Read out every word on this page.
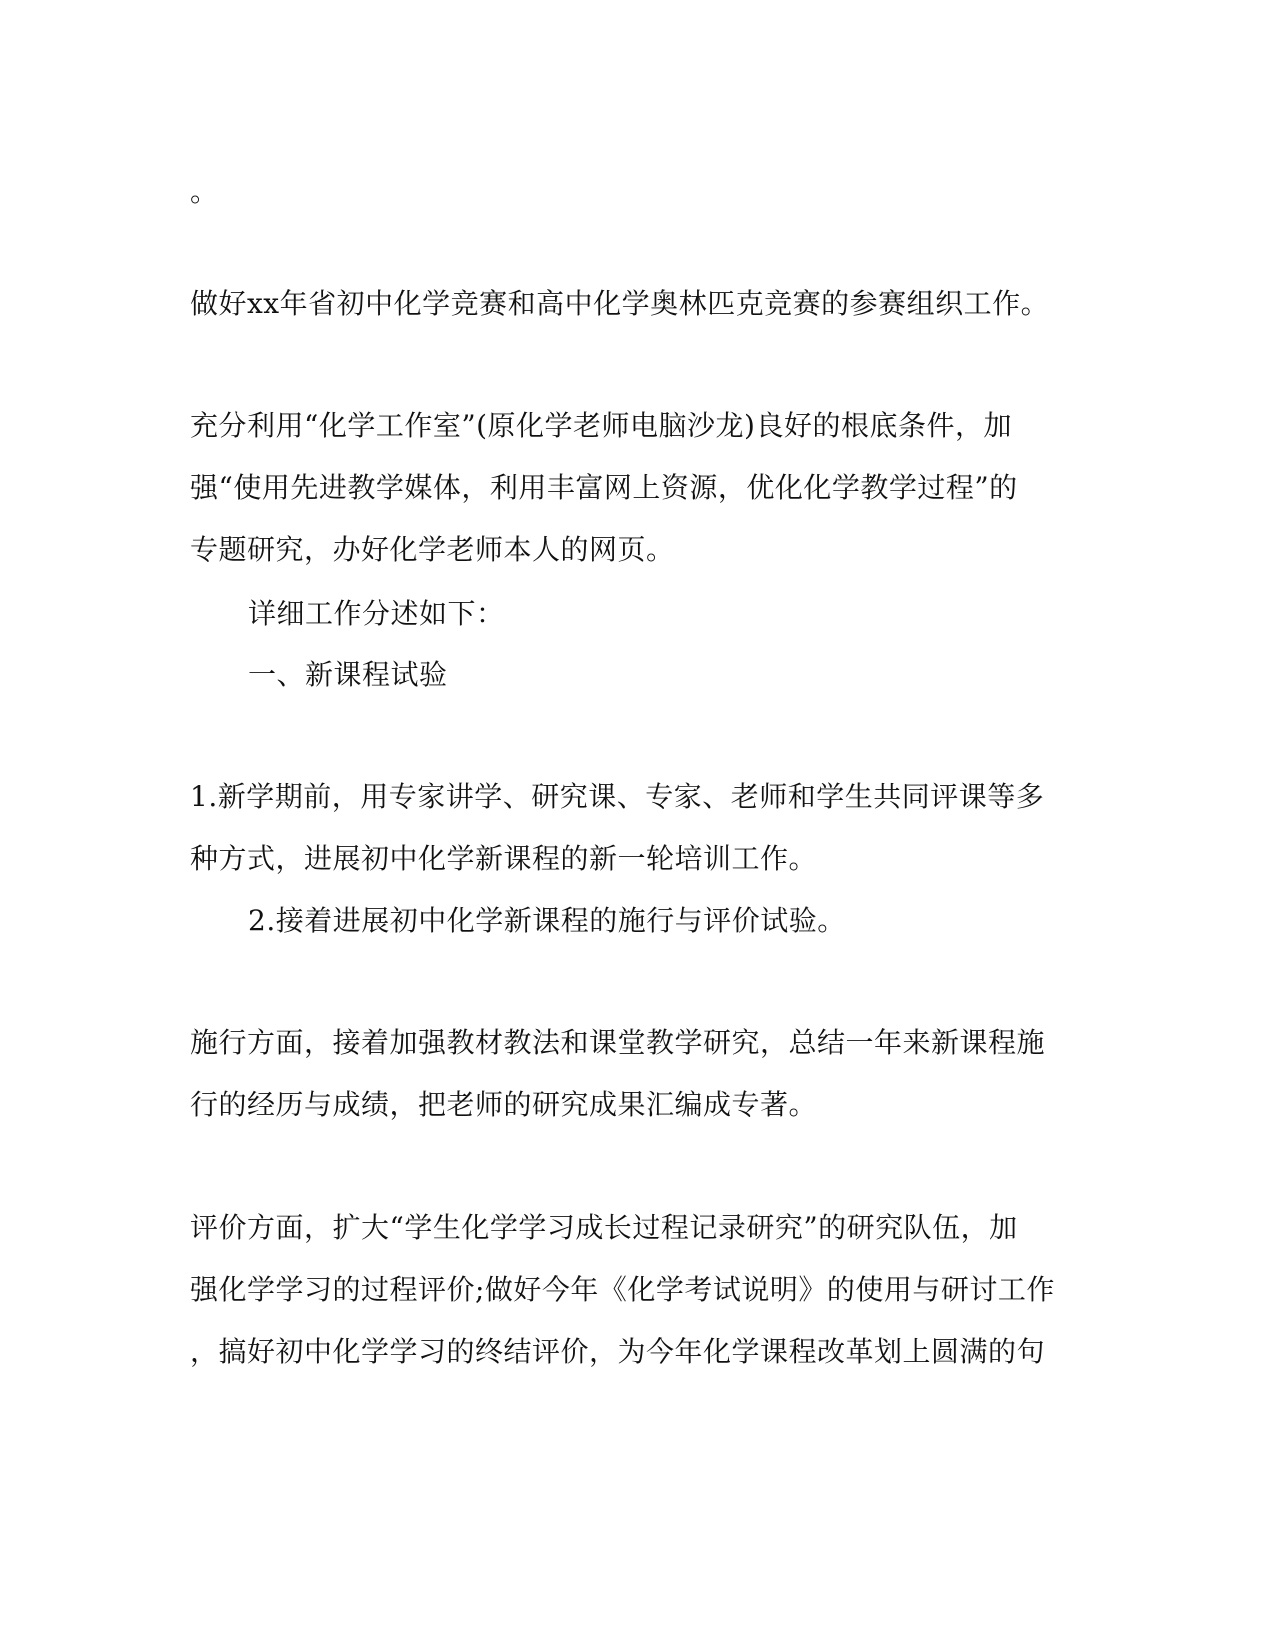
。
做好xx年省初中化学竞赛和高中化学奥林匹克竞赛的参赛组织工作。
充分利用“化学工作室”(原化学老师电脑沙龙)良好的根底条件，加
强“使用先进教学媒体，利用丰富网上资源，优化化学教学过程”的
专题研究，办好化学老师本人的网页。
详细工作分述如下：
一、新课程试验
1.新学期前，用专家讲学、研究课、专家、老师和学生共同评课等多
种方式，进展初中化学新课程的新一轮培训工作。
2.接着进展初中化学新课程的施行与评价试验。
施行方面，接着加强教材教法和课堂教学研究，总结一年来新课程施
行的经历与成绩，把老师的研究成果汇编成专著。
评价方面，扩大“学生化学学习成长过程记录研究”的研究队伍，加
强化学学习的过程评价;做好今年《化学考试说明》的使用与研讨工作
，搞好初中化学学习的终结评价，为今年化学课程改革划上圆满的句
